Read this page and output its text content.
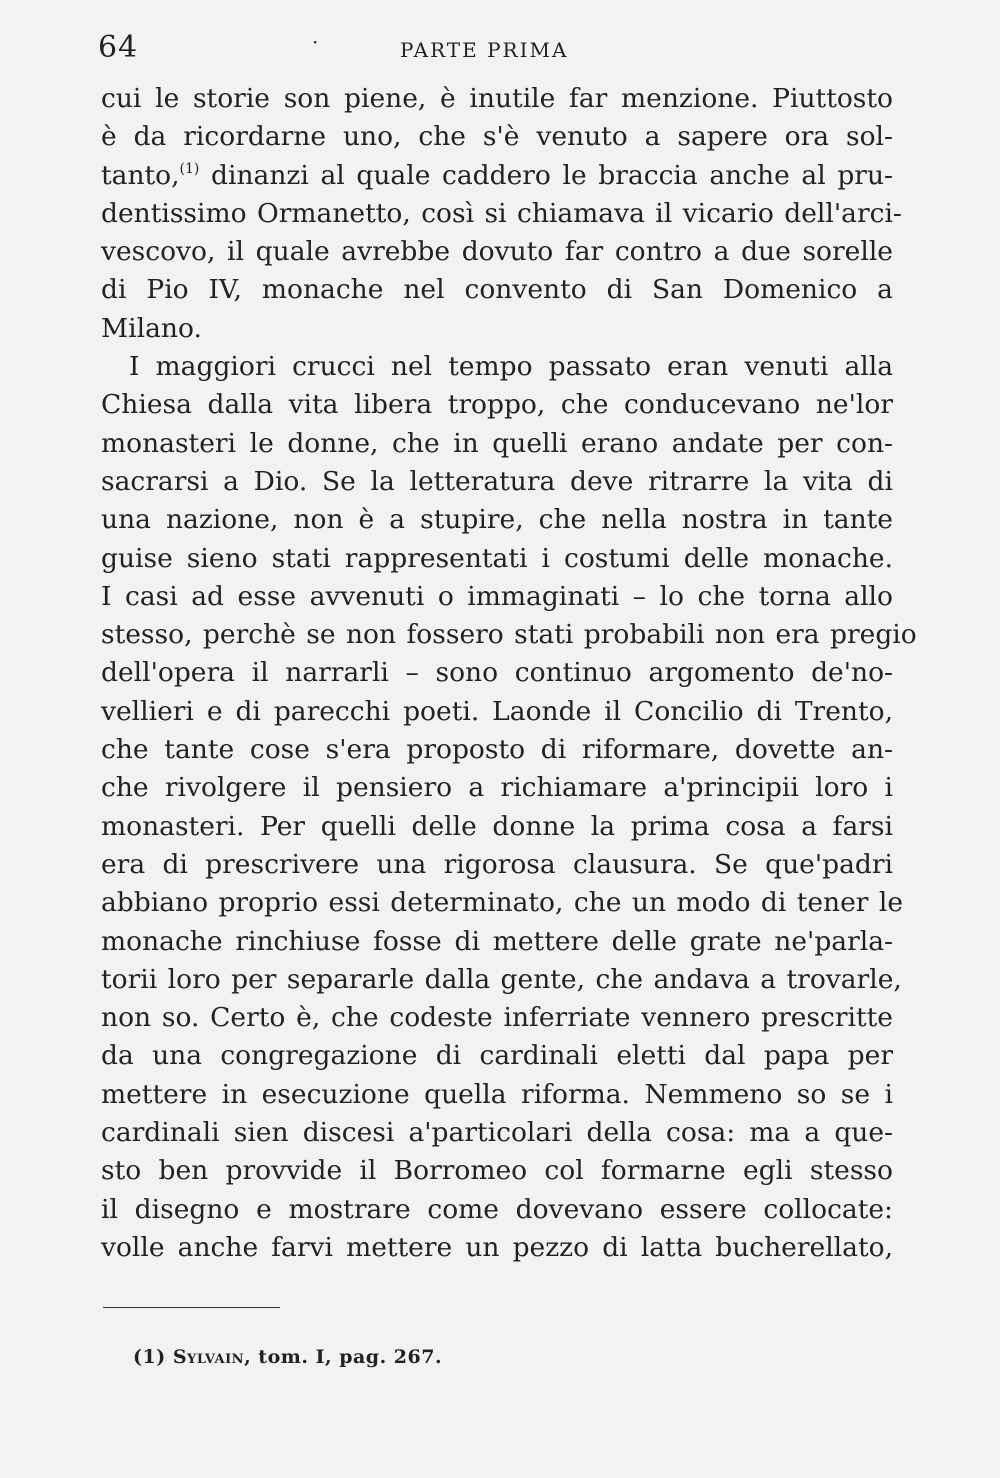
64	·	PARTE PRIMA
cui le storie son piene, è inutile far menzione. Piuttosto
è da ricordarne uno, che s'è venuto a sapere ora sol-
tanto,$^{(1)}$ dinanzi al quale caddero le braccia anche al pru-
dentissimo Ormanetto, così si chiamava il vicario dell'arci-
vescovo, il quale avrebbe dovuto far contro a due sorelle
di Pio IV, monache nel convento di San Domenico a
Milano.
I maggiori crucci nel tempo passato eran venuti alla
Chiesa dalla vita libera troppo, che conducevano ne'lor
monasteri le donne, che in quelli erano andate per con-
sacrarsi a Dio. Se la letteratura deve ritrarre la vita di
una nazione, non è a stupire, che nella nostra in tante
guise sieno stati rappresentati i costumi delle monache.
I casi ad esse avvenuti o immaginati – lo che torna allo
stesso, perchè se non fossero stati probabili non era pregio
dell'opera il narrarli – sono continuo argomento de'no-
vellieri e di parecchi poeti. Laonde il Concilio di Trento,
che tante cose s'era proposto di riformare, dovette an-
che rivolgere il pensiero a richiamare a'principii loro i
monasteri. Per quelli delle donne la prima cosa a farsi
era di prescrivere una rigorosa clausura. Se que'padri
abbiano proprio essi determinato, che un modo di tener le
monache rinchiuse fosse di mettere delle grate ne'parla-
torii loro per separarle dalla gente, che andava a trovarle,
non so. Certo è, che codeste inferriate vennero prescritte
da una congregazione di cardinali eletti dal papa per
mettere in esecuzione quella riforma. Nemmeno so se i
cardinali sien discesi a'particolari della cosa: ma a que-
sto ben provvide il Borromeo col formarne egli stesso
il disegno e mostrare come dovevano essere collocate:
volle anche farvi mettere un pezzo di latta bucherellato,
(1) Sylvain, tom. I, pag. 267.
